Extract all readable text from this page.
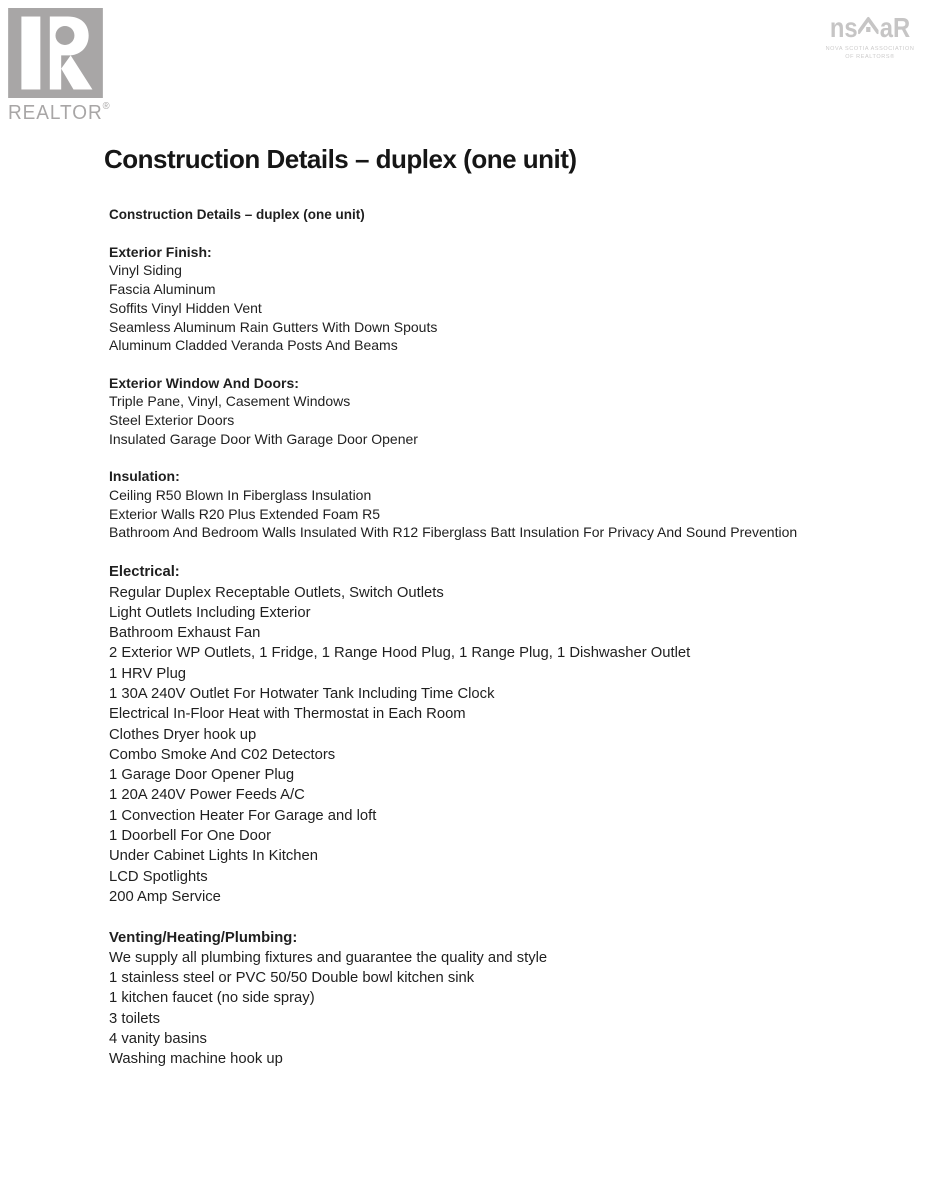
REALTOR®
ns aR
NOVA SCOTIA ASSOCIATION
OF REALTORS®
Construction Details – duplex (one unit)
Construction Details – duplex (one unit)
Exterior Finish:
Vinyl Siding
Fascia Aluminum
Soffits Vinyl Hidden Vent
Seamless Aluminum Rain Gutters With Down Spouts
Aluminum Cladded Veranda Posts And Beams
Exterior Window And Doors:
Triple Pane, Vinyl, Casement Windows
Steel Exterior Doors
Insulated Garage Door With Garage Door Opener
Insulation:
Ceiling R50 Blown In Fiberglass Insulation
Exterior Walls R20 Plus Extended Foam R5
Bathroom And Bedroom Walls Insulated With R12 Fiberglass Batt Insulation For Privacy And Sound Prevention
Electrical:
Regular Duplex Receptable Outlets, Switch Outlets
Light Outlets Including Exterior
Bathroom Exhaust Fan
2 Exterior WP Outlets, 1 Fridge, 1 Range Hood Plug, 1 Range Plug, 1 Dishwasher Outlet
1 HRV Plug
1 30A 240V Outlet For Hotwater Tank Including Time Clock
Electrical In-Floor Heat with Thermostat in Each Room
Clothes Dryer hook up
Combo Smoke And C02 Detectors
1 Garage Door Opener Plug
1 20A 240V Power Feeds A/C
1 Convection Heater For Garage and loft
1 Doorbell For One Door
Under Cabinet Lights In Kitchen
LCD Spotlights
200 Amp Service
Venting/Heating/Plumbing:
We supply all plumbing fixtures and guarantee the quality and style
1 stainless steel or PVC 50/50 Double bowl kitchen sink
1 kitchen faucet (no side spray)
3 toilets
4 vanity basins
Washing machine hook up
